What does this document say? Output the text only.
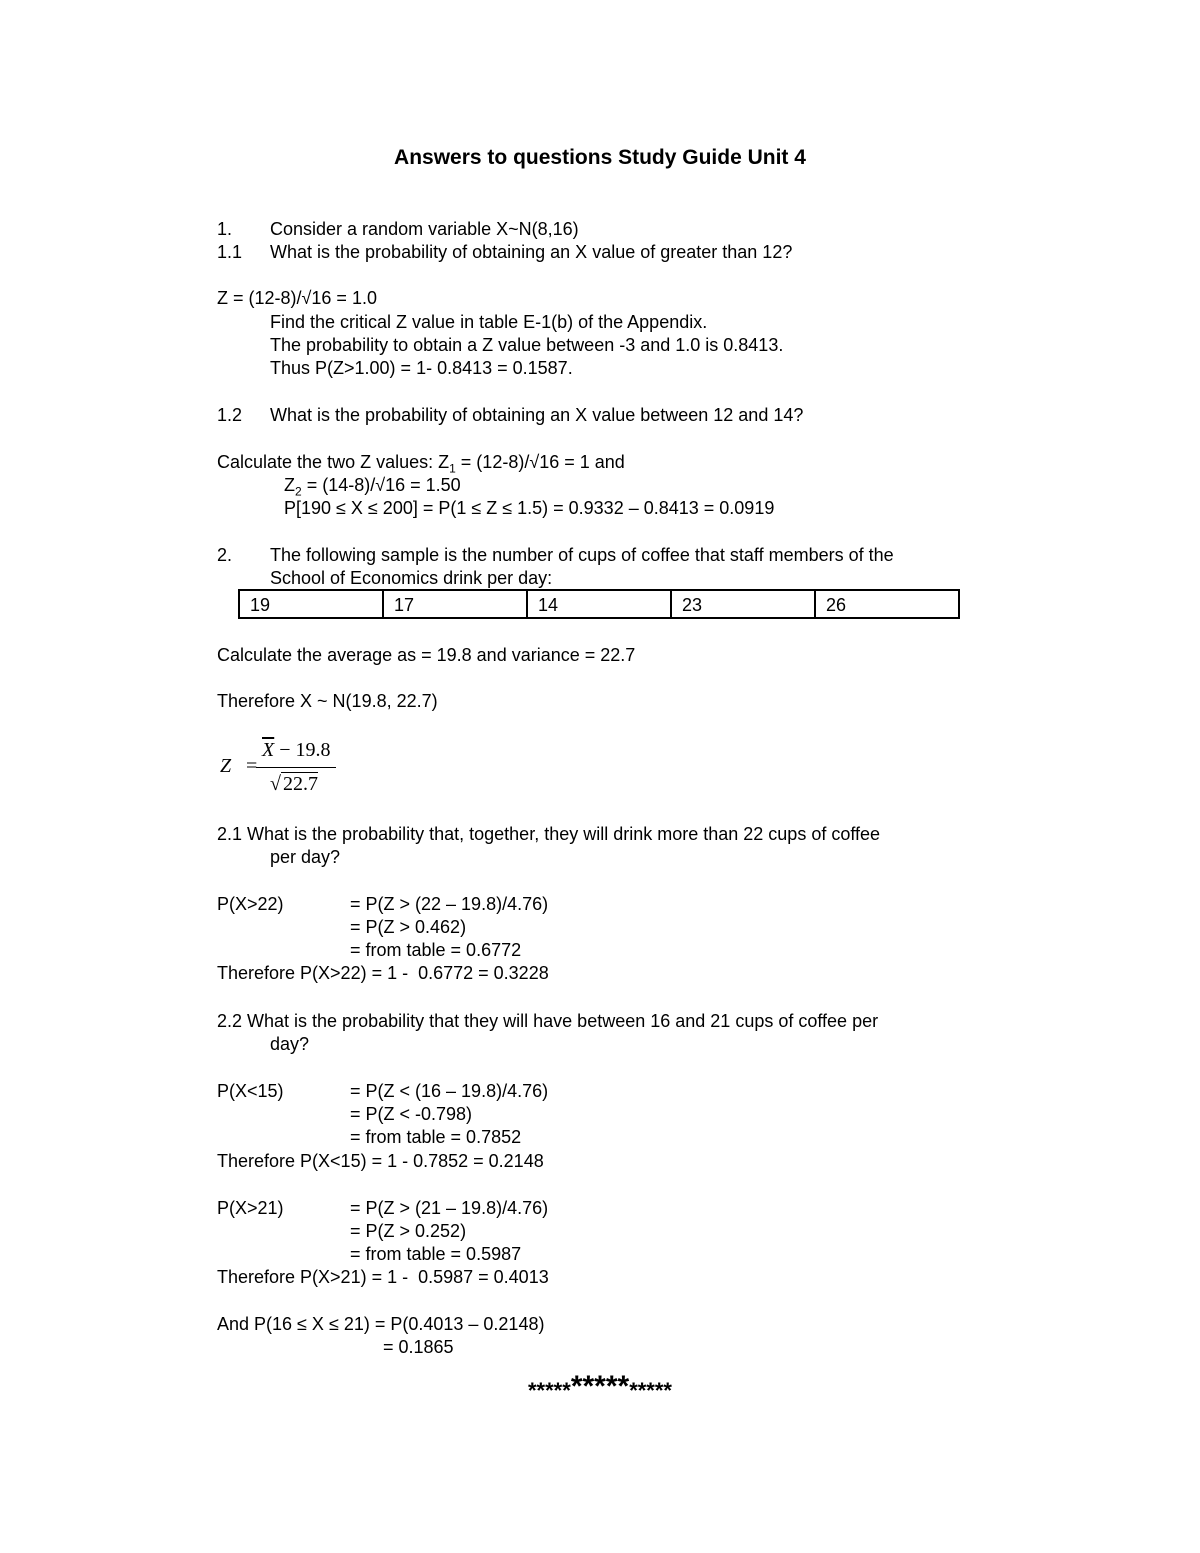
Answers to questions Study Guide Unit 4
1. Consider a random variable X~N(8,16)
1.1 What is the probability of obtaining an X value of greater than 12?
Z = (12-8)/√16 = 1.0
Find the critical Z value in table E-1(b) of the Appendix.
The probability to obtain a Z value between -3 and 1.0 is 0.8413.
Thus P(Z>1.00) = 1- 0.8413 = 0.1587.
1.2 What is the probability of obtaining an X value between 12 and 14?
Calculate the two Z values: $Z_1 = (12-8)/√16 = 1$ and
$Z_2 = (14-8)/√16 = 1.50$
P[190 ≤ X ≤ 200] = P(1 ≤ Z ≤ 1.5) = 0.9332 – 0.8413 = 0.0919
2. The following sample is the number of cups of coffee that staff members of the
School of Economics drink per day:
19	17	14	23	26
Calculate the average as = 19.8 and variance = 22.7
Therefore X ~ N(19.8, 22.7)
Z =
$\overline{X} - 19.8$
√ 22.7
2.1 What is the probability that, together, they will drink more than 22 cups of coffee
per day?
P(X>22)	= P(Z > (22 – 19.8)/4.76)
= P(Z > 0.462)
= from table = 0.6772
Therefore P(X>22) = 1 -  0.6772 = 0.3228
2.2 What is the probability that they will have between 16 and 21 cups of coffee per
day?
P(X<15)	= P(Z < (16 – 19.8)/4.76)
= P(Z < -0.798)
= from table = 0.7852
Therefore P(X<15) = 1 - 0.7852 = 0.2148
P(X>21)	= P(Z > (21 – 19.8)/4.76)
= P(Z > 0.252)
= from table = 0.5987
Therefore P(X>21) = 1 -  0.5987 = 0.4013
And P(16 ≤ X ≤ 21) = P(0.4013 – 0.2148)
= 0.1865
***************
